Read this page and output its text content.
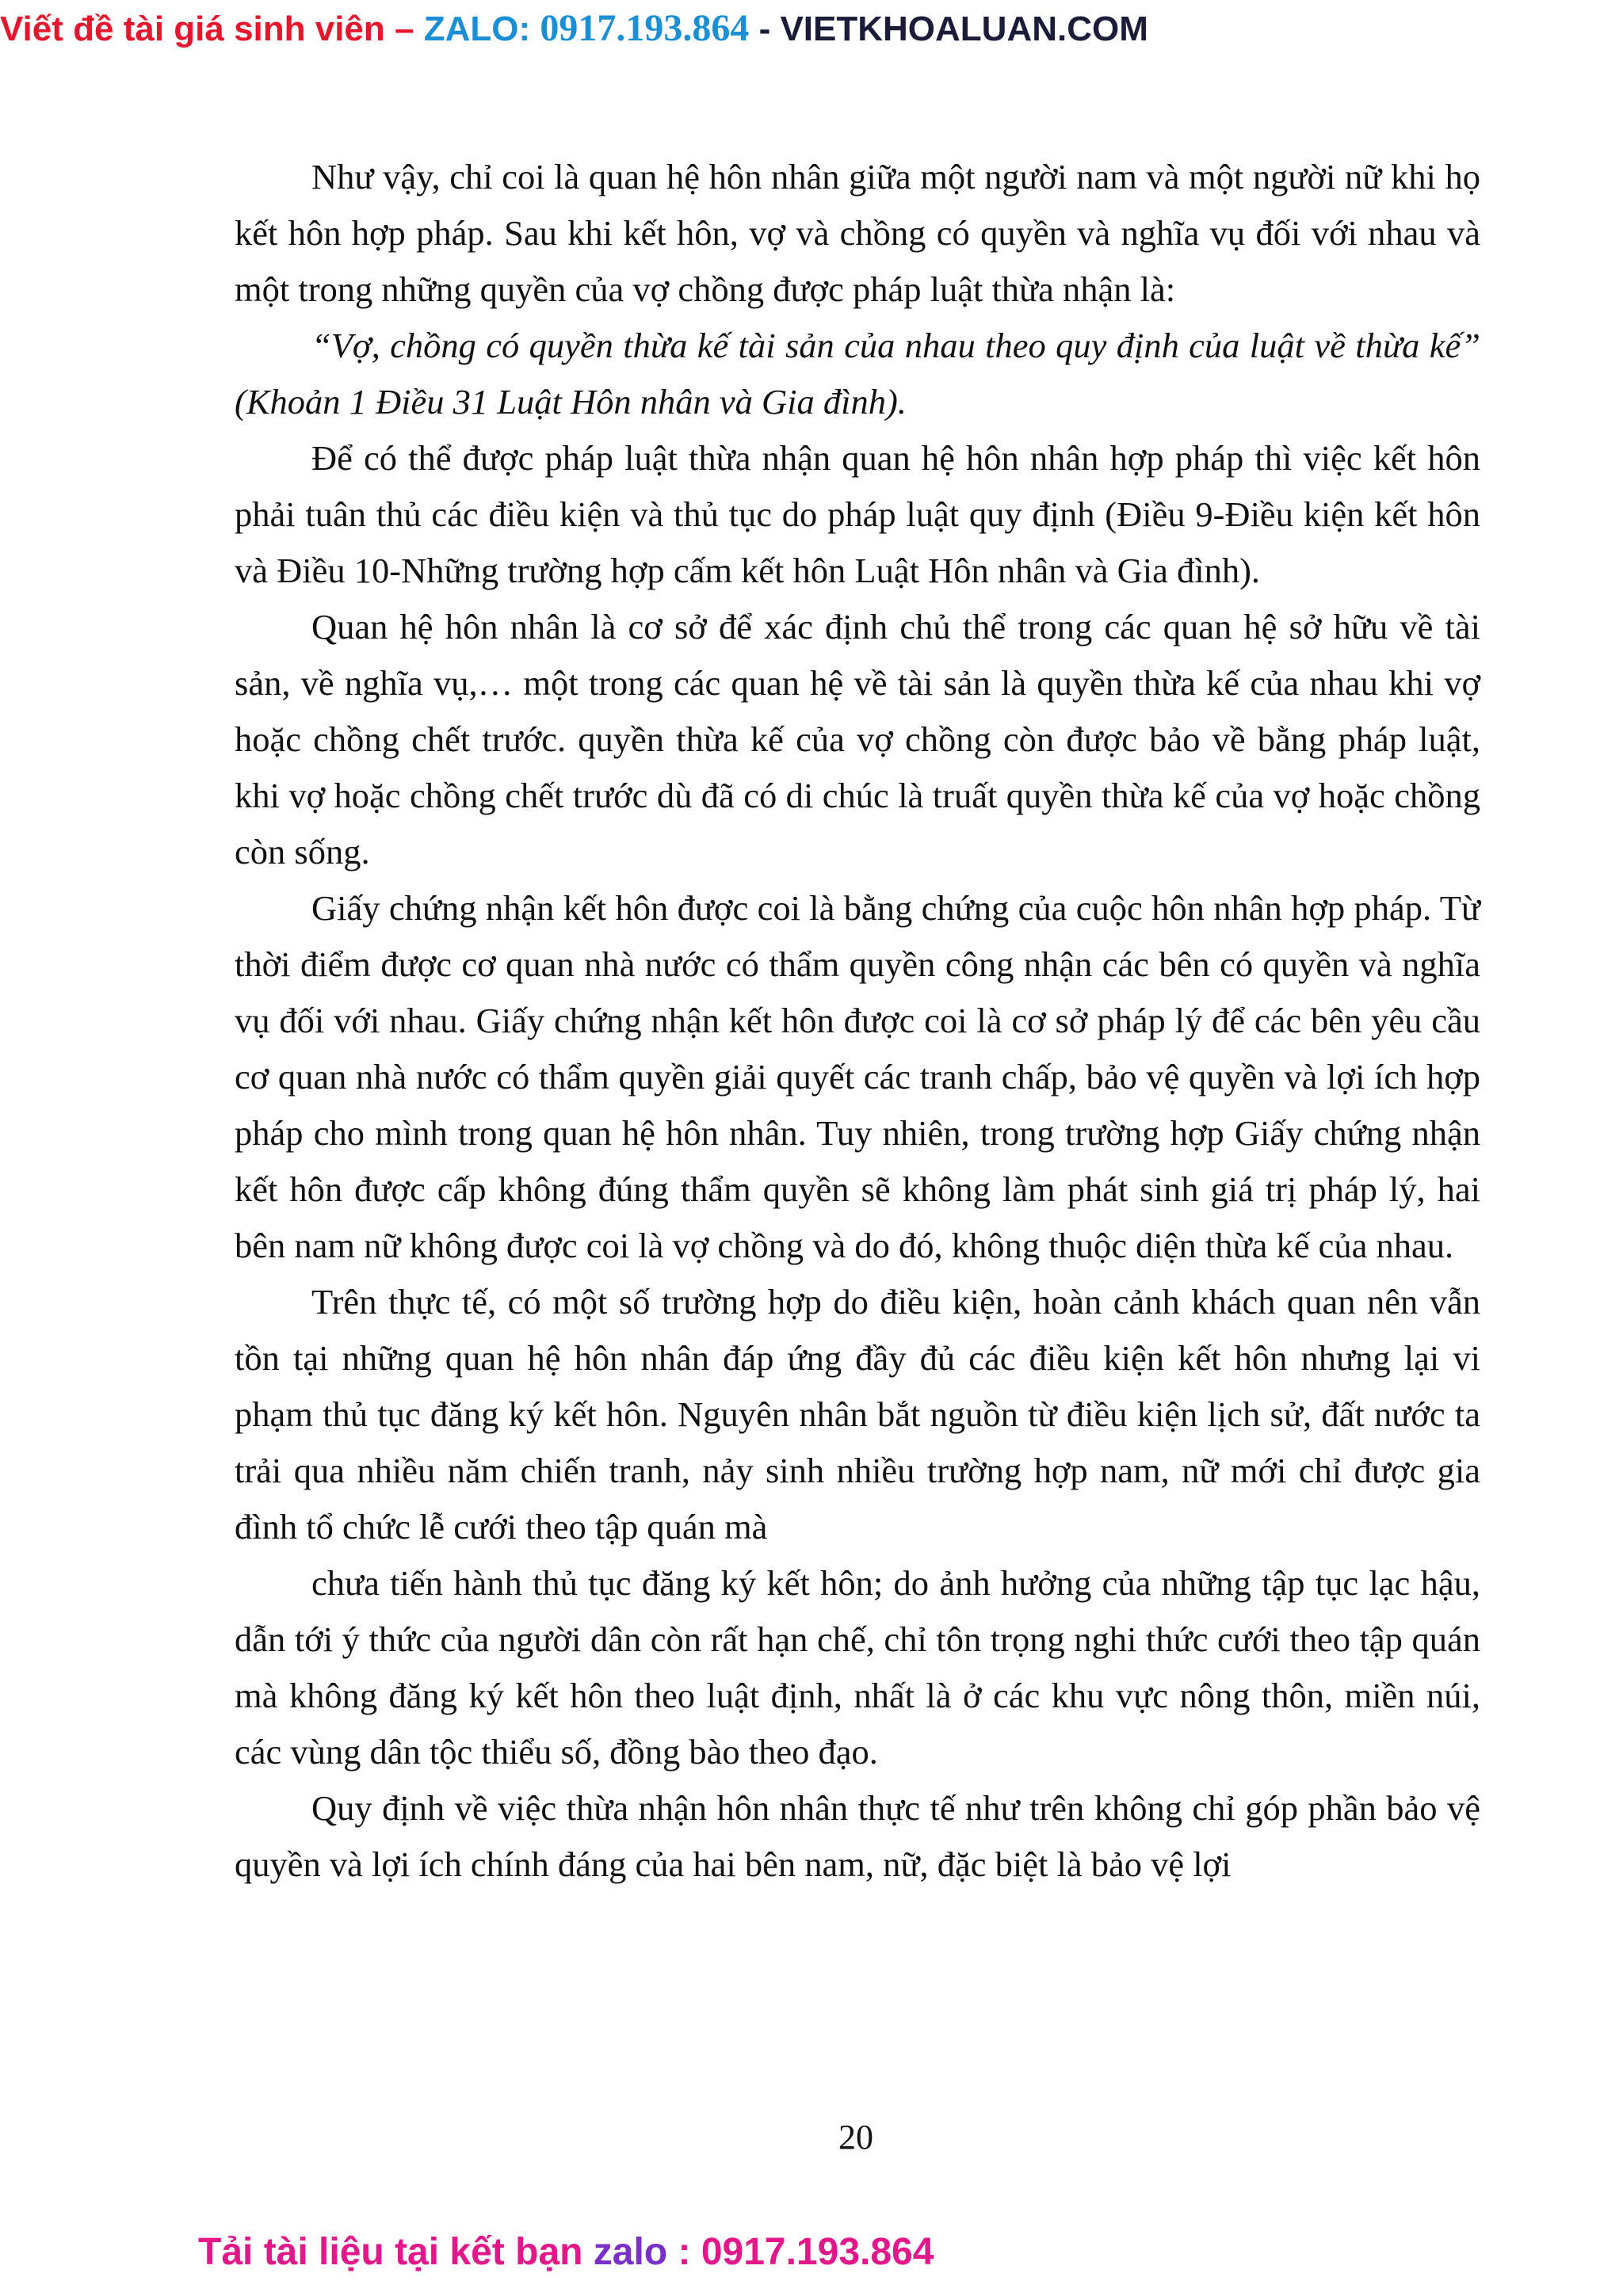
Viết đề tài giá sinh viên – ZALO: 0917.193.864 - VIETKHOALUAN.COM

Như vậy, chỉ coi là quan hệ hôn nhân giữa một người nam và một người nữ khi họ kết hôn hợp pháp. Sau khi kết hôn, vợ và chồng có quyền và nghĩa vụ đối với nhau và một trong những quyền của vợ chồng được pháp luật thừa nhận là:

“Vợ, chồng có quyền thừa kế tài sản của nhau theo quy định của luật về thừa kế” (Khoản 1 Điều 31 Luật Hôn nhân và Gia đình).

Để có thể được pháp luật thừa nhận quan hệ hôn nhân hợp pháp thì việc kết hôn phải tuân thủ các điều kiện và thủ tục do pháp luật quy định (Điều 9-Điều kiện kết hôn và Điều 10-Những trường hợp cấm kết hôn Luật Hôn nhân và Gia đình).

Quan hệ hôn nhân là cơ sở để xác định chủ thể trong các quan hệ sở hữu về tài sản, về nghĩa vụ,… một trong các quan hệ về tài sản là quyền thừa kế của nhau khi vợ hoặc chồng chết trước. quyền thừa kế của vợ chồng còn được bảo về bằng pháp luật, khi vợ hoặc chồng chết trước dù đã có di chúc là truất quyền thừa kế của vợ hoặc chồng còn sống.

Giấy chứng nhận kết hôn được coi là bằng chứng của cuộc hôn nhân hợp pháp. Từ thời điểm được cơ quan nhà nước có thẩm quyền công nhận các bên có quyền và nghĩa vụ đối với nhau. Giấy chứng nhận kết hôn được coi là cơ sở pháp lý để các bên yêu cầu cơ quan nhà nước có thẩm quyền giải quyết các tranh chấp, bảo vệ quyền và lợi ích hợp pháp cho mình trong quan hệ hôn nhân. Tuy nhiên, trong trường hợp Giấy chứng nhận kết hôn được cấp không đúng thẩm quyền sẽ không làm phát sinh giá trị pháp lý, hai bên nam nữ không được coi là vợ chồng và do đó, không thuộc diện thừa kế của nhau.

Trên thực tế, có một số trường hợp do điều kiện, hoàn cảnh khách quan nên vẫn tồn tại những quan hệ hôn nhân đáp ứng đầy đủ các điều kiện kết hôn nhưng lại vi phạm thủ tục đăng ký kết hôn. Nguyên nhân bắt nguồn từ điều kiện lịch sử, đất nước ta trải qua nhiều năm chiến tranh, nảy sinh nhiều trường hợp nam, nữ mới chỉ được gia đình tổ chức lễ cưới theo tập quán mà

chưa tiến hành thủ tục đăng ký kết hôn; do ảnh hưởng của những tập tục lạc hậu, dẫn tới ý thức của người dân còn rất hạn chế, chỉ tôn trọng nghi thức cưới theo tập quán mà không đăng ký kết hôn theo luật định, nhất là ở các khu vực nông thôn, miền núi, các vùng dân tộc thiểu số, đồng bào theo đạo.

Quy định về việc thừa nhận hôn nhân thực tế như trên không chỉ góp phần bảo vệ quyền và lợi ích chính đáng của hai bên nam, nữ, đặc biệt là bảo vệ lợi

20
Tải tài liệu tại kết bạn zalo : 0917.193.864
